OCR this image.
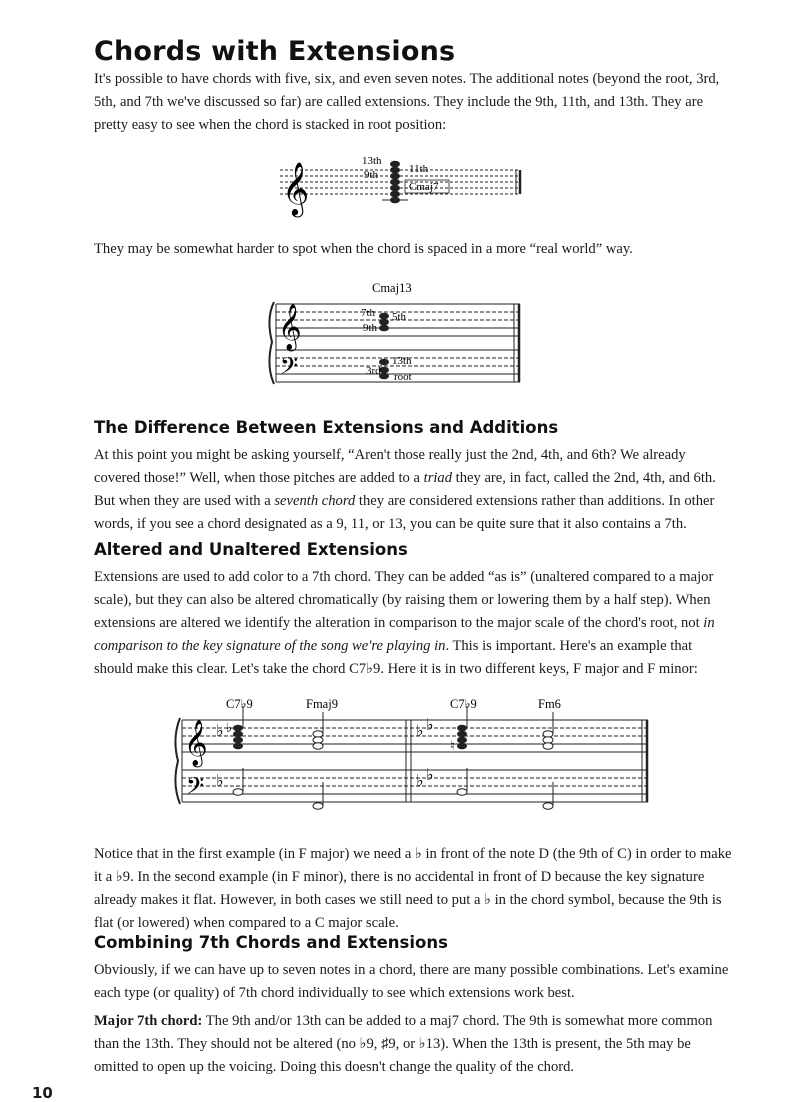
Chords with Extensions

It's possible to have chords with five, six, and even seven notes. The additional notes (beyond the root, 3rd, 5th, and 7th we've discussed so far) are called extensions. They include the 9th, 11th, and 13th. They are pretty easy to see when the chord is stacked in root position:

𝄞	13th
9th	11th
Cmaj7

They may be somewhat harder to spot when the chord is spaced in a more “real world” way.

Cmaj13
𝄞
𝄢
7th 5th
9th
13th
3rd root
The Difference Between Extensions and Additions

At this point you might be asking yourself, “Aren't those really just the 2nd, 4th, and 6th? We already covered those!” Well, when those pitches are added to a triad they are, in fact, called the 2nd, 4th, and 6th. But when they are used with a seventh chord they are considered extensions rather than additions. In other words, if you see a chord designated as a 9, 11, or 13, you can be quite sure that it also contains a 7th.

Altered and Unaltered Extensions

Extensions are used to add color to a 7th chord. They can be added “as is” (unaltered compared to a major scale), but they can also be altered chromatically (by raising them or lowering them by a half step). When extensions are altered we identify the alteration in comparison to the major scale of the chord's root, not in comparison to the key signature of the song we're playing in. This is important. Here's an example that should make this clear. Let's take the chord C7♭9. Here it is in two different keys, F major and F minor:

C7♭9	Fmaj9	C7♭9	Fm6
𝄞
𝄢
♭
♭
♭ ♭
♭ ♭
♭
♮

Notice that in the first example (in F major) we need a ♭ in front of the note D (the 9th of C) in order to make it a ♭9. In the second example (in F minor), there is no accidental in front of D because the key signature already makes it flat. However, in both cases we still need to put a ♭ in the chord symbol, because the 9th is flat (or lowered) when compared to a C major scale.

Combining 7th Chords and Extensions

Obviously, if we can have up to seven notes in a chord, there are many possible combinations. Let's examine each type (or quality) of 7th chord individually to see which extensions work best.

Major 7th chord: The 9th and/or 13th can be added to a maj7 chord. The 9th is somewhat more common than the 13th. They should not be altered (no ♭9, ♯9, or ♭13). When the 13th is present, the 5th may be omitted to open up the voicing. Doing this doesn't change the quality of the chord.

10
